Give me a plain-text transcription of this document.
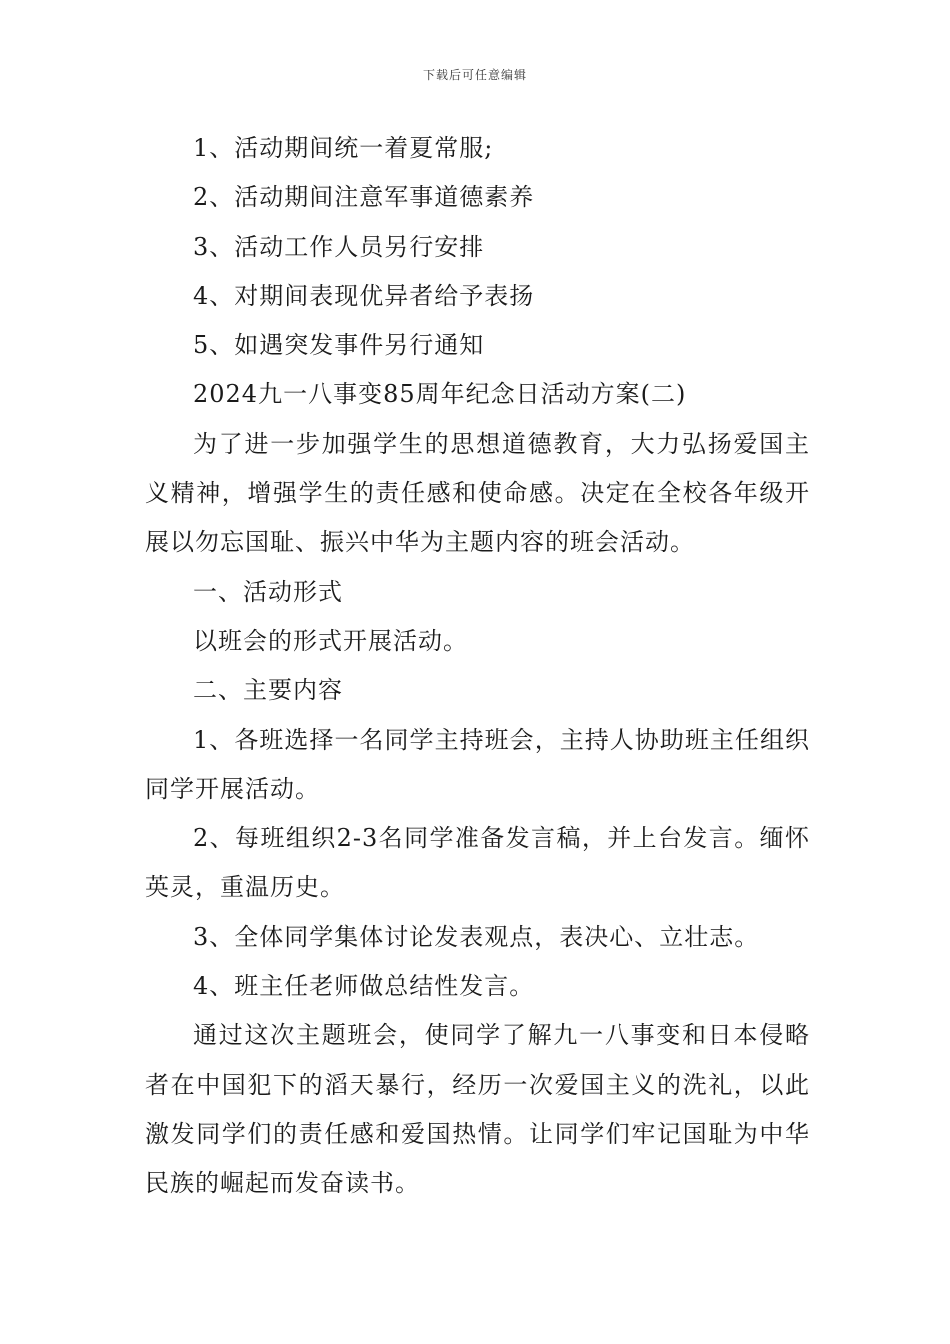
下载后可任意编辑

1、活动期间统一着夏常服;

2、活动期间注意军事道德素养

3、活动工作人员另行安排

4、对期间表现优异者给予表扬

5、如遇突发事件另行通知

2024九一八事变85周年纪念日活动方案(二)

为了进一步加强学生的思想道德教育，大力弘扬爱国主义精神，增强学生的责任感和使命感。决定在全校各年级开展以勿忘国耻、振兴中华为主题内容的班会活动。

一、活动形式

以班会的形式开展活动。

二、主要内容

1、各班选择一名同学主持班会，主持人协助班主任组织同学开展活动。

2、每班组织2-3名同学准备发言稿，并上台发言。缅怀英灵，重温历史。

3、全体同学集体讨论发表观点，表决心、立壮志。

4、班主任老师做总结性发言。

通过这次主题班会，使同学了解九一八事变和日本侵略者在中国犯下的滔天暴行，经历一次爱国主义的洗礼，以此激发同学们的责任感和爱国热情。让同学们牢记国耻为中华民族的崛起而发奋读书。
